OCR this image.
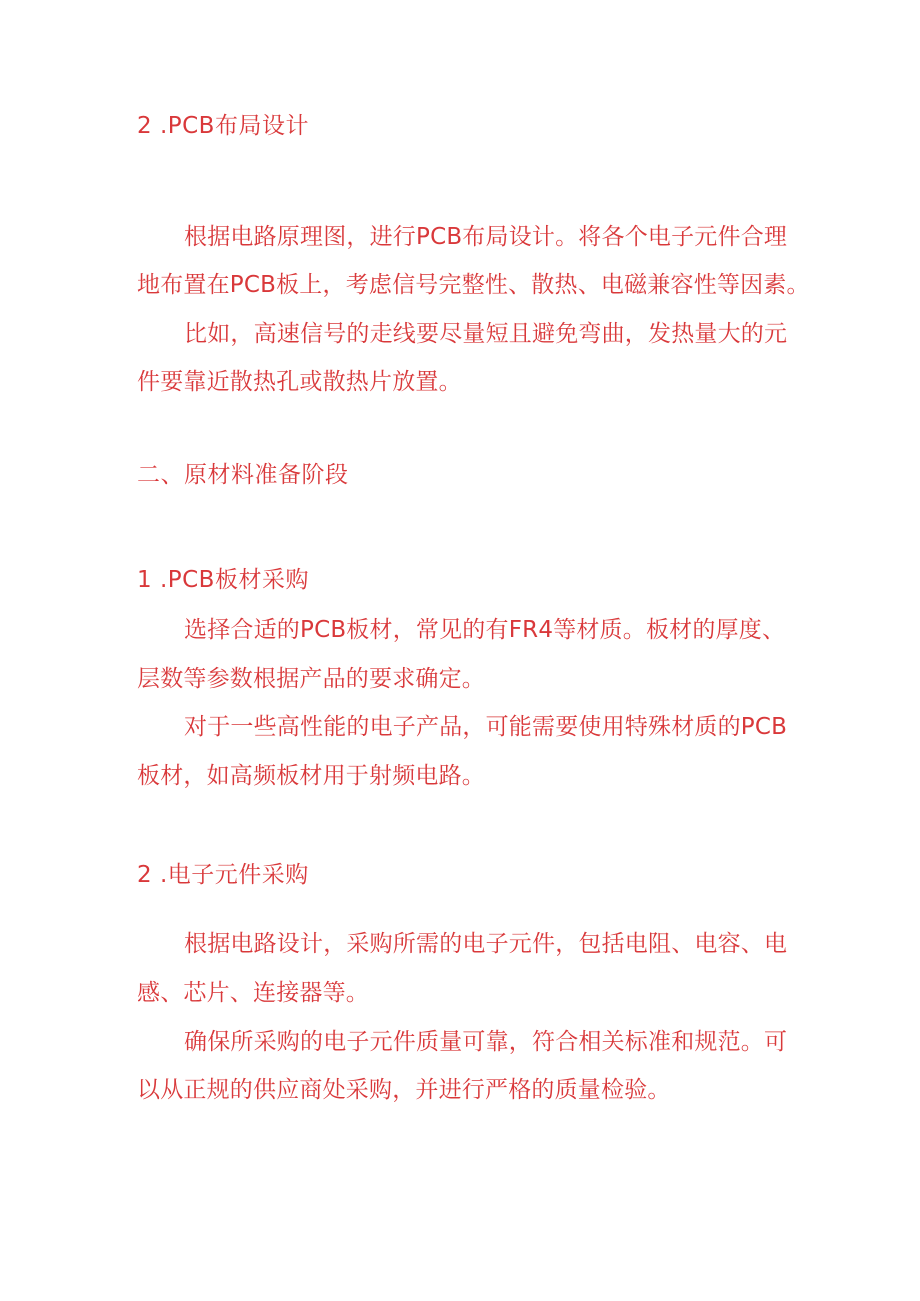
2 .PCB布局设计
根据电路原理图，进行PCB布局设计。将各个电子元件合理
地布置在PCB板上，考虑信号完整性、散热、电磁兼容性等因素。
比如，高速信号的走线要尽量短且避免弯曲，发热量大的元
件要靠近散热孔或散热片放置。
二、原材料准备阶段
1 .PCB板材采购
选择合适的PCB板材，常见的有FR4等材质。板材的厚度、
层数等参数根据产品的要求确定。
对于一些高性能的电子产品，可能需要使用特殊材质的PCB
板材，如高频板材用于射频电路。
2 .电子元件采购
根据电路设计，采购所需的电子元件，包括电阻、电容、电
感、芯片、连接器等。
确保所采购的电子元件质量可靠，符合相关标准和规范。可
以从正规的供应商处采购，并进行严格的质量检验。
